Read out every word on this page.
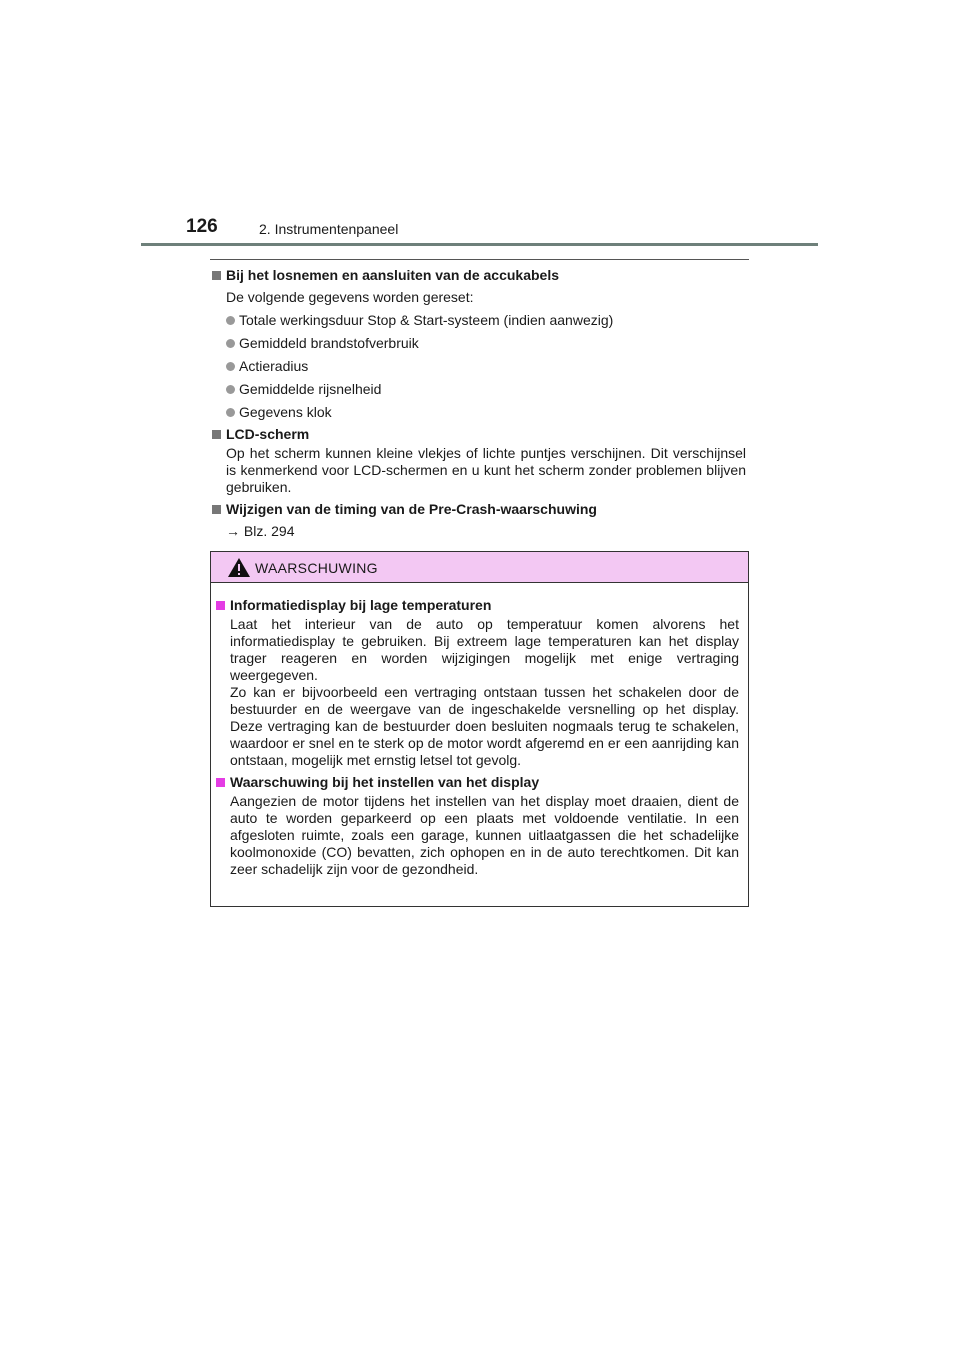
126	2. Instrumentenpaneel
Bij het losnemen en aansluiten van de accukabels
De volgende gegevens worden gereset:
Totale werkingsduur Stop & Start-systeem (indien aanwezig)
Gemiddeld brandstofverbruik
Actieradius
Gemiddelde rijsnelheid
Gegevens klok
LCD-scherm
Op het scherm kunnen kleine vlekjes of lichte puntjes verschijnen. Dit verschijnsel is kenmerkend voor LCD-schermen en u kunt het scherm zonder problemen blijven gebruiken.
Wijzigen van de timing van de Pre-Crash-waarschuwing
→ Blz. 294
WAARSCHUWING
Informatiedisplay bij lage temperaturen
Laat het interieur van de auto op temperatuur komen alvorens het informatiedisplay te gebruiken. Bij extreem lage temperaturen kan het display trager reageren en worden wijzigingen mogelijk met enige vertraging weergegeven.
Zo kan er bijvoorbeeld een vertraging ontstaan tussen het schakelen door de bestuurder en de weergave van de ingeschakelde versnelling op het display. Deze vertraging kan de bestuurder doen besluiten nogmaals terug te schakelen, waardoor er snel en te sterk op de motor wordt afgeremd en er een aanrijding kan ontstaan, mogelijk met ernstig letsel tot gevolg.
Waarschuwing bij het instellen van het display
Aangezien de motor tijdens het instellen van het display moet draaien, dient de auto te worden geparkeerd op een plaats met voldoende ventilatie. In een afgesloten ruimte, zoals een garage, kunnen uitlaatgassen die het schadelijke koolmonoxide (CO) bevatten, zich ophopen en in de auto terechtkomen. Dit kan zeer schadelijk zijn voor de gezondheid.
